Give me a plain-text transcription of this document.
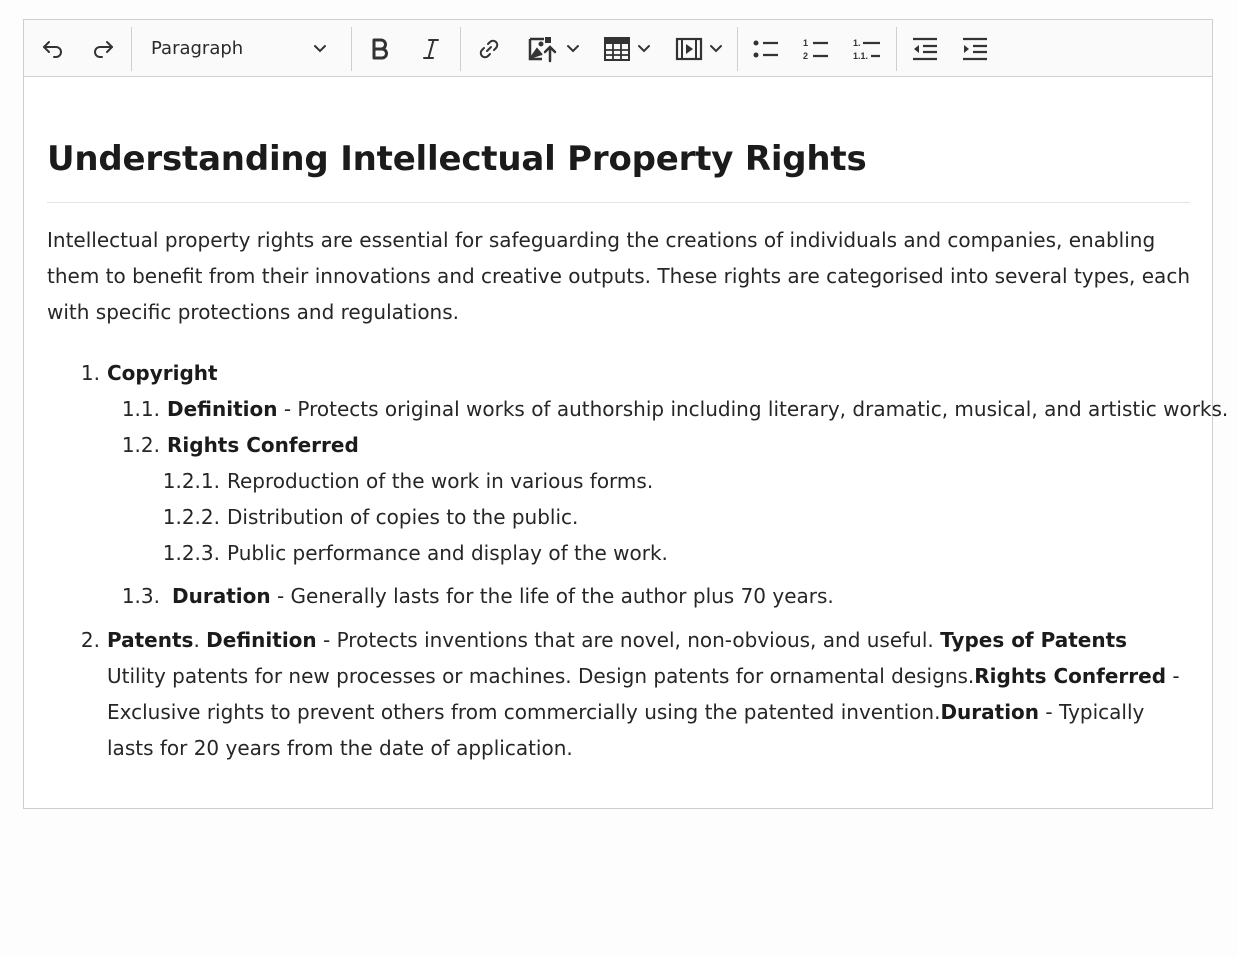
Paragraph	1
2
1.
1.1.
Understanding Intellectual Property Rights

Intellectual property rights are essential for safeguarding the creations of individuals and companies, enabling them to benefit from their innovations and creative outputs. These rights are categorised into several types, each with specific protections and regulations.

1. Copyright
1.1. Definition - Protects original works of authorship including literary, dramatic, musical, and artistic works.
1.2. Rights Conferred
1.2.1. Reproduction of the work in various forms.
1.2.2. Distribution of copies to the public.
1.2.3. Public performance and display of the work.
1.3. Duration - Generally lasts for the life of the author plus 70 years.
2. Patents. Definition - Protects inventions that are novel, non-obvious, and useful. Types of Patents Utility patents for new processes or machines. Design patents for ornamental designs.Rights Conferred - Exclusive rights to prevent others from commercially using the patented invention.Duration - Typically lasts for 20 years from the date of application.
